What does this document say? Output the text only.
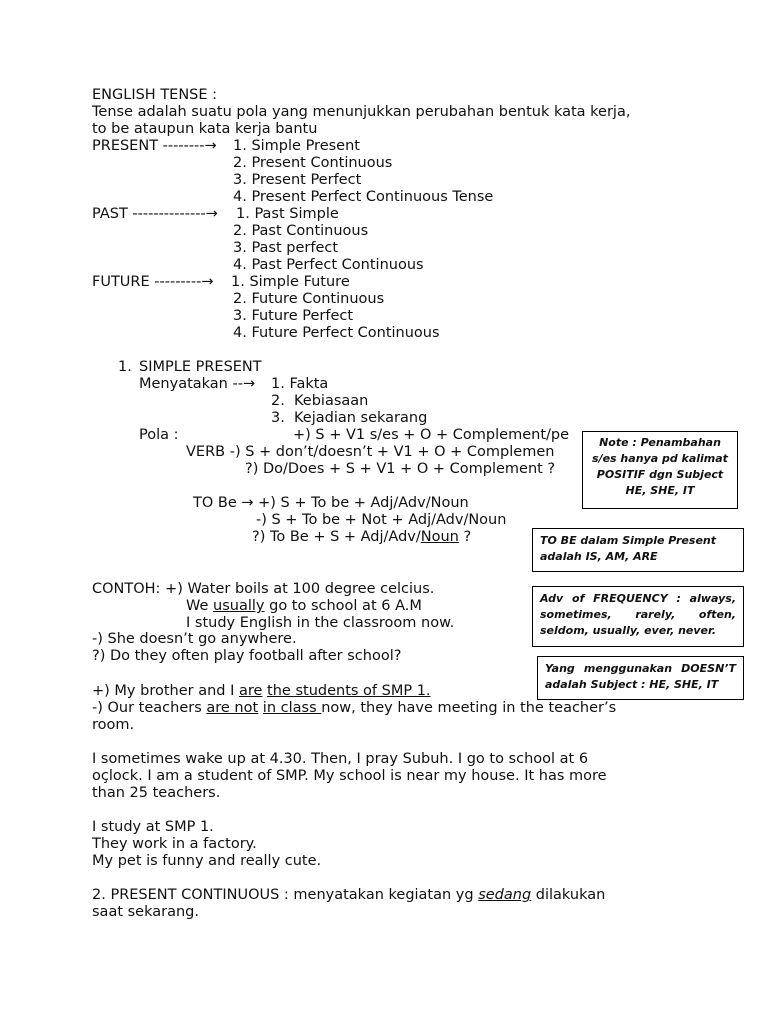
ENGLISH TENSE :
Tense adalah suatu pola yang menunjukkan perubahan bentuk kata kerja,
to be ataupun kata kerja bantu
PRESENT --------→ 1. Simple Present
2. Present Continuous
3. Present Perfect
4. Present Perfect Continuous Tense
PAST --------------→ 1. Past Simple
2. Past Continuous
3. Past perfect
4. Past Perfect Continuous
FUTURE ---------→ 1. Simple Future
2. Future Continuous
3. Future Perfect
4. Future Perfect Continuous
1. SIMPLE PRESENT
Menyatakan --→ 1. Fakta
2. Kebiasaan
3. Kejadian sekarang
Pola :	+) S + V1 s/es + O + Complement/pe
VERB -) S + don’t/doesn’t + V1 + O + Complemen
?) Do/Does + S + V1 + O + Complement ?
TO Be → +) S + To be + Adj/Adv/Noun
-) S + To be + Not + Adj/Adv/Noun
?) To Be + S + Adj/Adv/Noun ?
CONTOH: +) Water boils at 100 degree celcius.
We usually go to school at 6 A.M
I study English in the classroom now.
-) She doesn’t go anywhere.
?) Do they often play football after school?
+) My brother and I are the students of SMP 1.
-) Our teachers are not in class now, they have meeting in the teacher’s
room.
I sometimes wake up at 4.30. Then, I pray Subuh. I go to school at 6
oçlock. I am a student of SMP. My school is near my house. It has more
than 25 teachers.
I study at SMP 1.
They work in a factory.
My pet is funny and really cute.
2. PRESENT CONTINUOUS : menyatakan kegiatan yg sedang dilakukan
saat sekarang.
Note : Penambahan
s/es hanya pd kalimat
POSITIF dgn Subject
HE, SHE, IT
TO BE dalam Simple Present
adalah IS, AM, ARE
Adv of FREQUENCY : always,
sometimes, rarely, often,
seldom, usually, ever, never.
Yang menggunakan DOESN’T
adalah Subject : HE, SHE, IT
